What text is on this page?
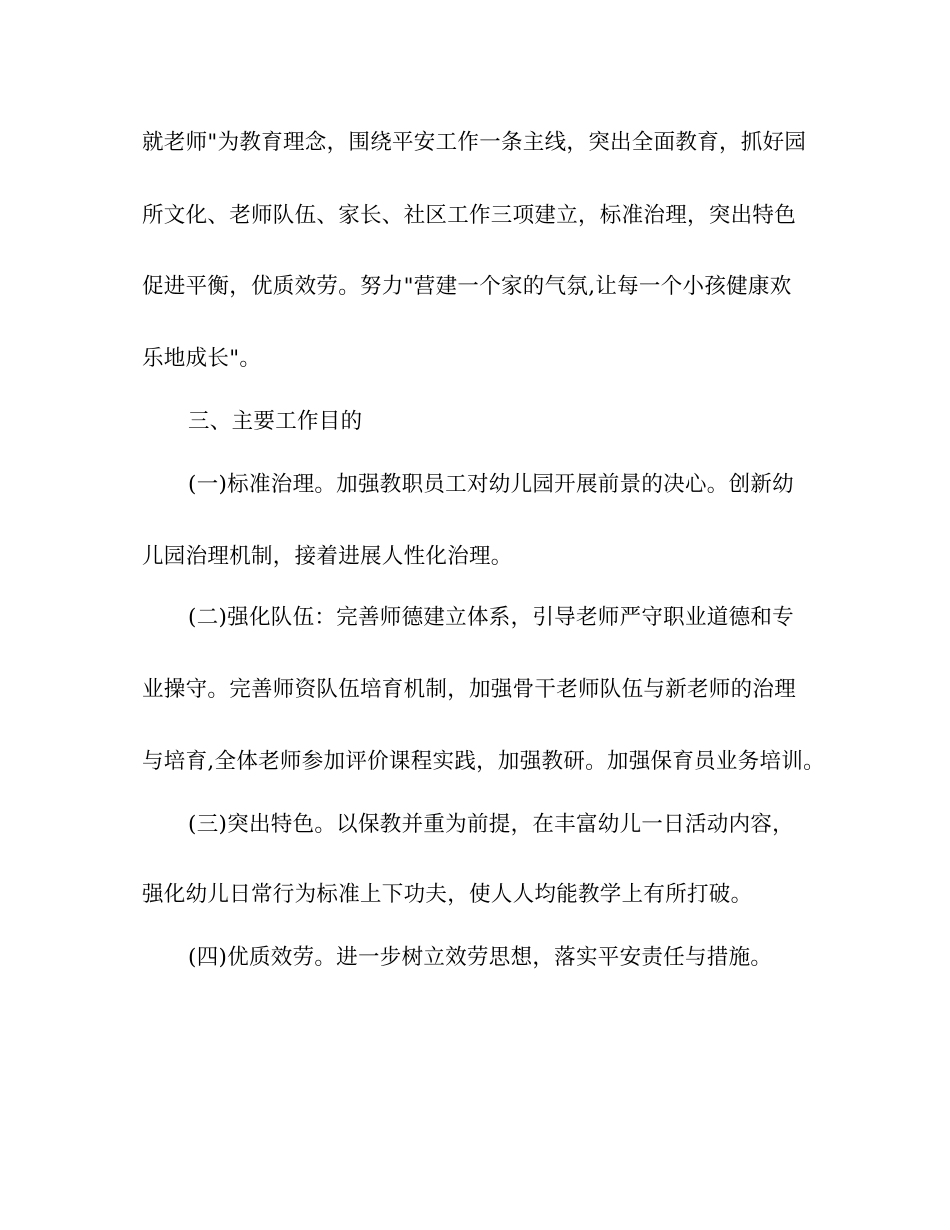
就老师"为教育理念，围绕平安工作一条主线，突出全面教育，抓好园
所文化、老师队伍、家长、社区工作三项建立，标准治理，突出特色
促进平衡，优质效劳。努力"营建一个家的气氛,让每一个小孩健康欢
乐地成长"。
三、主要工作目的
(一)标准治理。加强教职员工对幼儿园开展前景的决心。创新幼
儿园治理机制，接着进展人性化治理。
(二)强化队伍：完善师德建立体系，引导老师严守职业道德和专
业操守。完善师资队伍培育机制，加强骨干老师队伍与新老师的治理
与培育,全体老师参加评价课程实践，加强教研。加强保育员业务培训。
(三)突出特色。以保教并重为前提，在丰富幼儿一日活动内容，
强化幼儿日常行为标准上下功夫，使人人均能教学上有所打破。
(四)优质效劳。进一步树立效劳思想，落实平安责任与措施。
